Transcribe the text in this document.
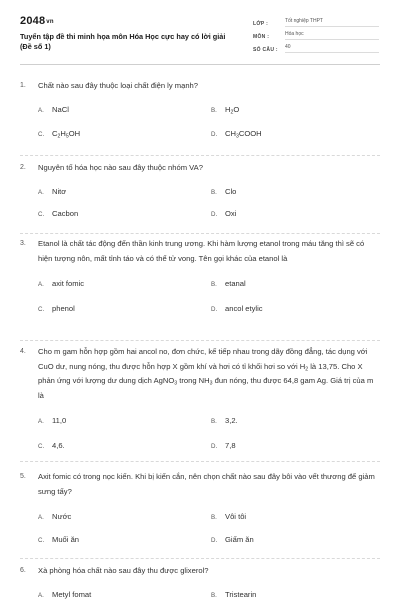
2048vn
Tuyển tập đề thi minh họa môn Hóa Học cực hay có lời giải (Đề số 1)
LỚP :	Tốt nghiệp THPT
MÔN :	Hóa học
SỐ CÂU :	40
1.	Chất nào sau đây thuộc loại chất điện ly mạnh?
A.	NaCl	B.	$H_2O$
C.	$C_2H_5OH$	D.	$CH_3COOH$
2.	Nguyên tố hóa học nào sau đây thuộc nhóm VA?
A.	Nitơ	B.	Clo
C.	Cacbon	D.	Oxi
3.	Etanol là chất tác động đến thần kinh trung ương. Khi hàm lượng etanol trong máu tăng thì sẽ có hiện tượng nôn, mất tỉnh táo và có thể tử vong. Tên gọi khác của etanol là
A.	axit fomic	B.	etanal
C.	phenol	D.	ancol etylic
4.	Cho m gam hỗn hợp gồm hai ancol no, đơn chức, kế tiếp nhau trong dãy đồng đẳng, tác dụng với CuO dư, nung nóng, thu được hỗn hợp X gồm khí và hơi có tỉ khối hơi so với $H_2$ là 13,75. Cho X phản ứng với lượng dư dung dịch AgNO$_3$ trong $NH_3$ đun nóng, thu được 64,8 gam Ag. Giá trị của m là
A.	11,0	B.	3,2.
C.	4,6.	D.	7,8
5.	Axit fomic có trong nọc kiến. Khi bị kiến cắn, nên chọn chất nào sau đây bôi vào vết thương để giảm sưng tấy?
A.	Nước	B.	Vôi tôi
C.	Muối ăn	D.	Giấm ăn
6.	Xà phòng hóa chất nào sau đây thu được glixerol?
A.	Metyl fomat	B.	Tristearin
